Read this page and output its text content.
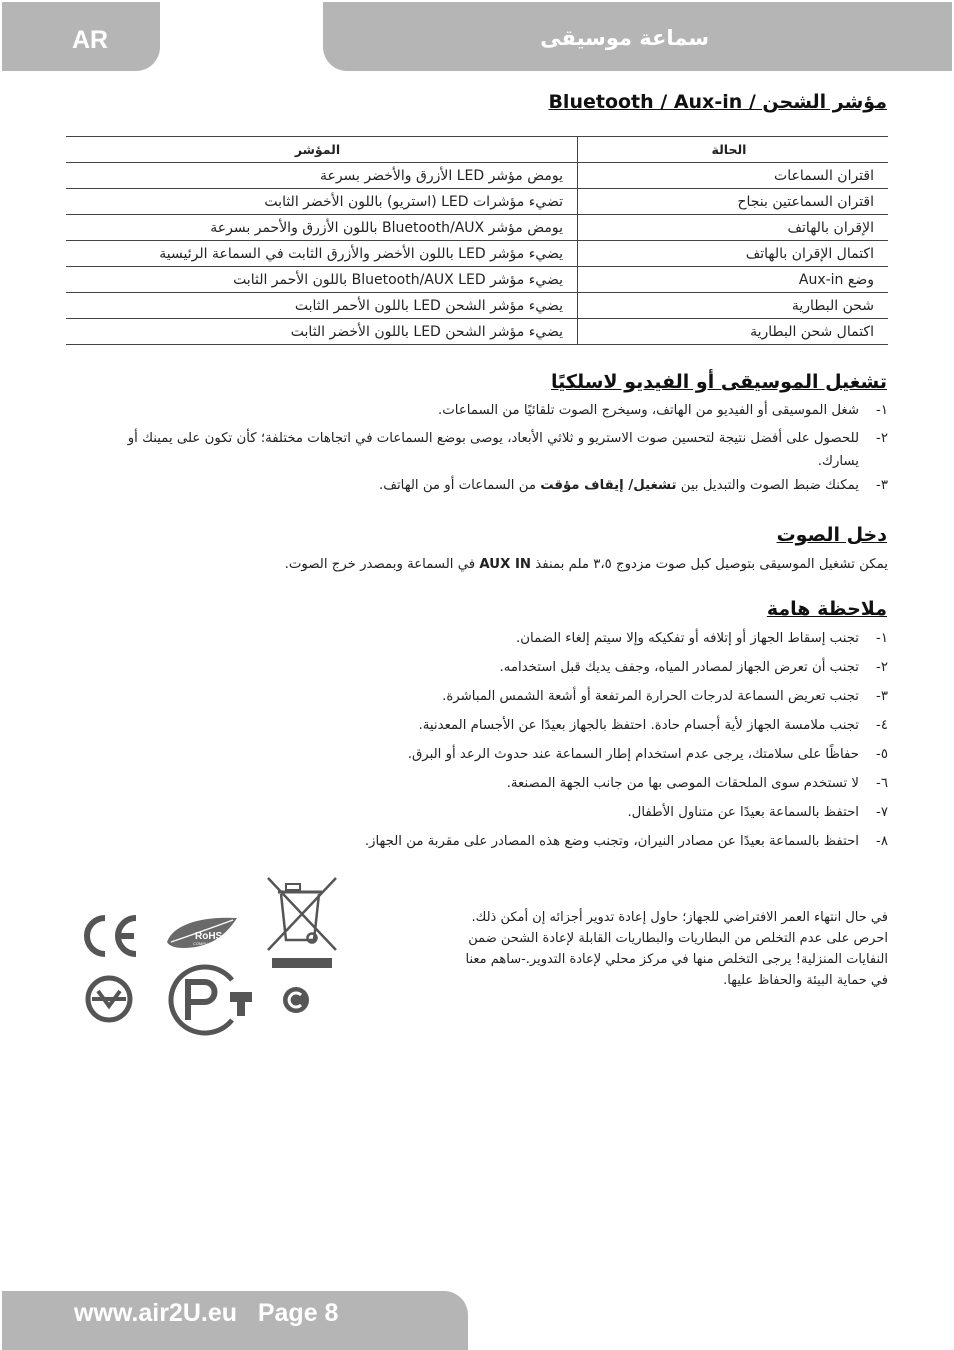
AR	سماعة موسيقى
مؤشر الشحن / Bluetooth / Aux-in
الحالة	المؤشر
اقتران السماعات	يومض مؤشر LED الأزرق والأخضر بسرعة
اقتران السماعتين بنجاح	تضيء مؤشرات LED (استريو) باللون الأخضر الثابت
الإقران بالهاتف	يومض مؤشر Bluetooth/AUX باللون الأزرق والأحمر بسرعة
اكتمال الإقران بالهاتف	يضيء مؤشر LED باللون الأخضر والأزرق الثابت في السماعة الرئيسية
وضع Aux-in	يضيء مؤشر Bluetooth/AUX LED باللون الأحمر الثابت
شحن البطارية	يضيء مؤشر الشحن LED باللون الأحمر الثابت
اكتمال شحن البطارية	يضيء مؤشر الشحن LED باللون الأخضر الثابت
تشغيل الموسيقى أو الفيديو لاسلكيًا
١-
شغل الموسيقى أو الفيديو من الهاتف، وسيخرج الصوت تلقائيًا من السماعات.
٢-
للحصول على أفضل نتيجة لتحسين صوت الاستريو و ثلاثي الأبعاد، يوصى بوضع السماعات في اتجاهات مختلفة؛ كأن تكون على يمينك أو
يسارك.
٣-
يمكنك ضبط الصوت والتبديل بين تشغيل/ إيقاف مؤقت من السماعات أو من الهاتف.
دخل الصوت
يمكن تشغيل الموسيقى بتوصيل كبل صوت مزدوج ٣،٥ ملم بمنفذ AUX IN في السماعة وبمصدر خرج الصوت.
ملاحظة هامة
١-
تجنب إسقاط الجهاز أو إتلافه أو تفكيكه وإلا سيتم إلغاء الضمان.
٢-
تجنب أن تعرض الجهاز لمصادر المياه، وجفف يديك قبل استخدامه.
٣-
تجنب تعريض السماعة لدرجات الحرارة المرتفعة أو أشعة الشمس المباشرة.
٤-
تجنب ملامسة الجهاز لأية أجسام حادة. احتفظ بالجهاز بعيدًا عن الأجسام المعدنية.
٥-
حفاظًا على سلامتك، يرجى عدم استخدام إطار السماعة عند حدوث الرعد أو البرق.
٦-
لا تستخدم سوى الملحقات الموصى بها من جانب الجهة المصنعة.
٧-
احتفظ بالسماعة بعيدًا عن متناول الأطفال.
٨-
احتفظ بالسماعة بعيدًا عن مصادر النيران، وتجنب وضع هذه المصادر على مقربة من الجهاز.
في حال انتهاء العمر الافتراضي للجهاز؛ حاول إعادة تدوير أجزائه إن أمكن ذلك.
احرص على عدم التخلص من البطاريات والبطاريات القابلة لإعادة الشحن ضمن
النفايات المنزلية! يرجى التخلص منها في مركز محلي لإعادة التدوير.-ساهم معنا
في حماية البيئة والحفاظ عليها.
RoHS
COMPLIANT
www.air2U.eu   Page 8
